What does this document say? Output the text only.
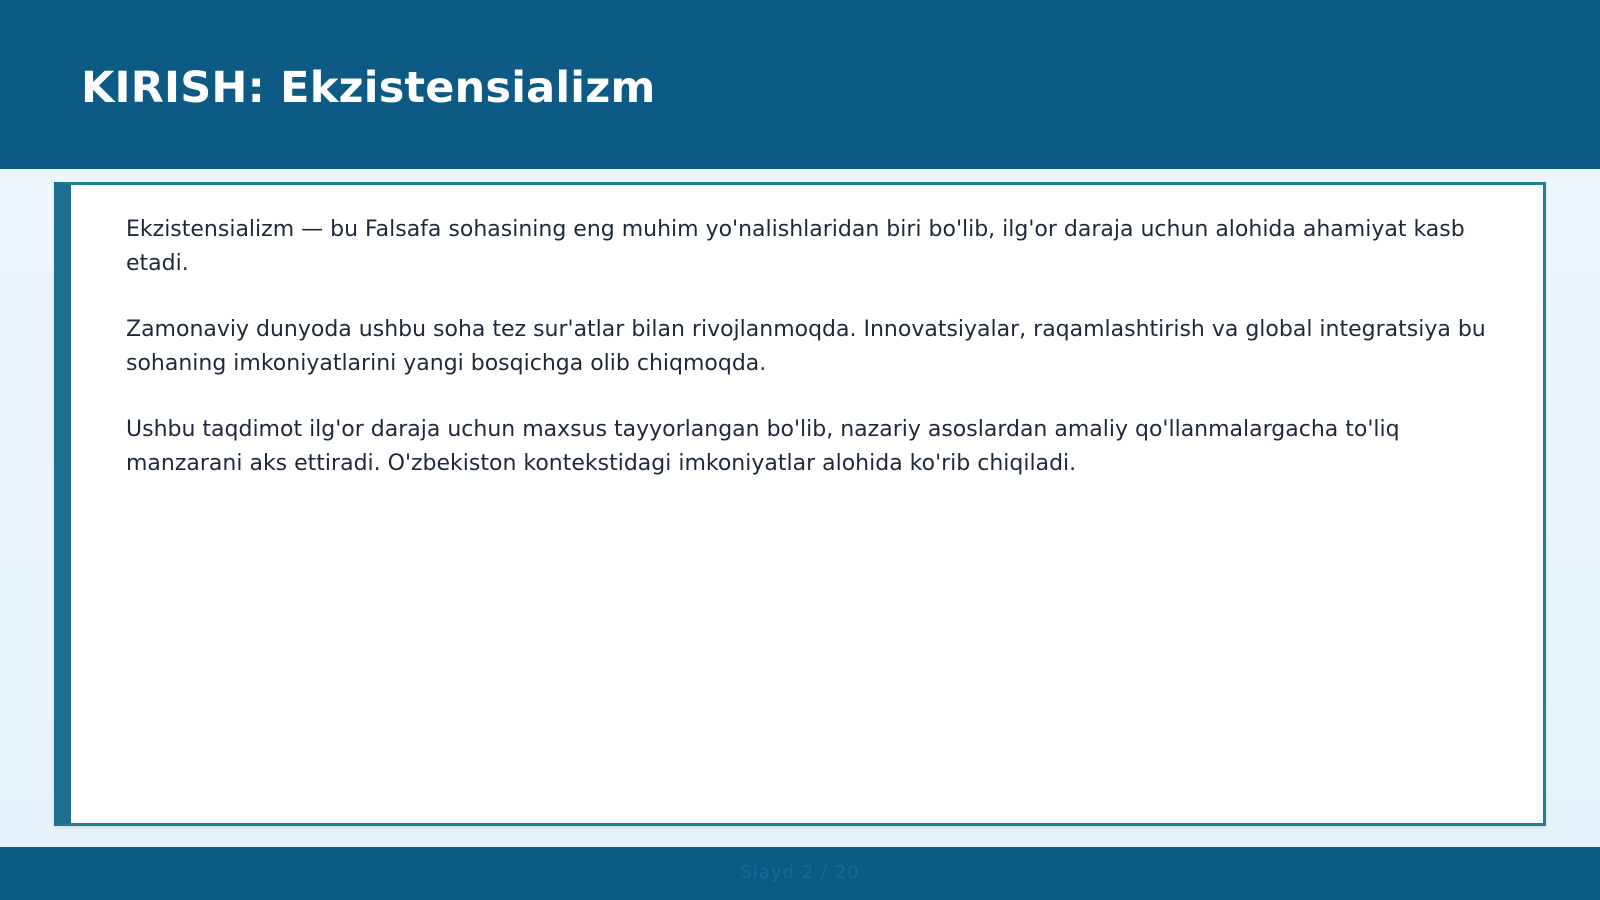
KIRISH: Ekzistensializm

Ekzistensializm — bu Falsafa sohasining eng muhim yo'nalishlaridan biri bo'lib, ilg'or daraja uchun alohida ahamiyat kasb etadi.

Zamonaviy dunyoda ushbu soha tez sur'atlar bilan rivojlanmoqda. Innovatsiyalar, raqamlashtirish va global integratsiya bu sohaning imkoniyatlarini yangi bosqichga olib chiqmoqda.

Ushbu taqdimot ilg'or daraja uchun maxsus tayyorlangan bo'lib, nazariy asoslardan amaliy qo'llanmalargacha to'liq manzarani aks ettiradi. O'zbekiston kontekstidagi imkoniyatlar alohida ko'rib chiqiladi.

Slayd 2 / 20
